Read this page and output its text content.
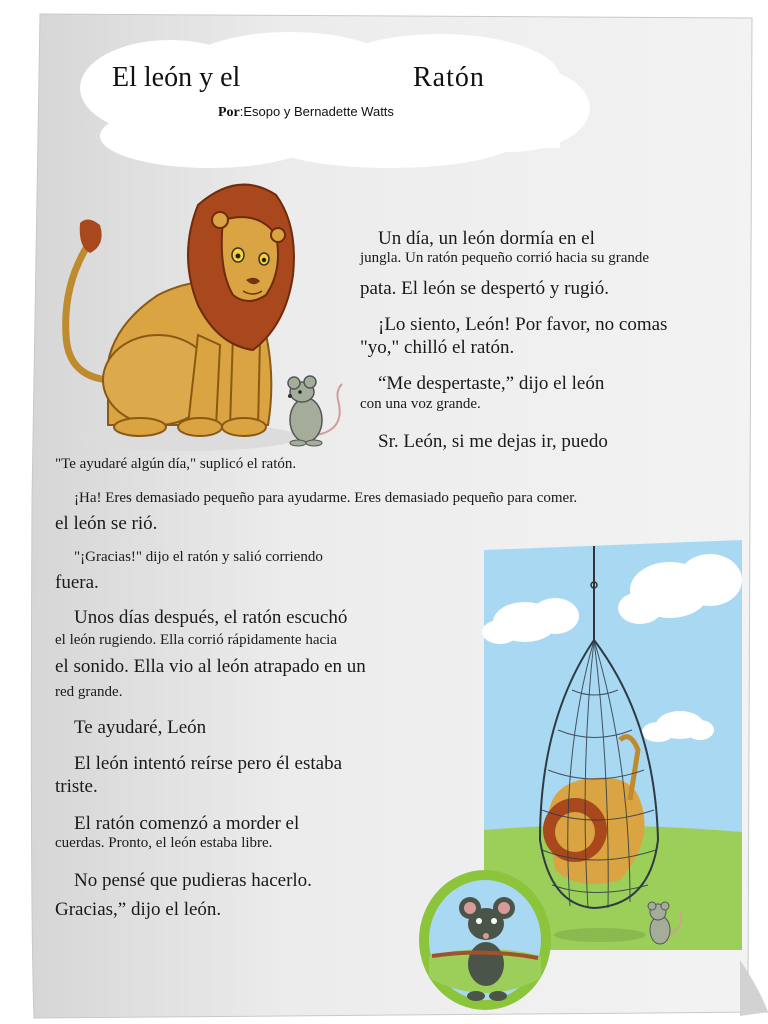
El león y el	Ratón
Por:Esopo y Bernadette Watts

Un día, un león dormía en el

jungla. Un ratón pequeño corrió hacia su grande

pata. El león se despertó y rugió.

¡Lo siento, León! Por favor, no comas

"yo," chilló el ratón.

“Me despertaste,” dijo el león

con una voz grande.

Sr. León, si me dejas ir, puedo

"Te ayudaré algún día," suplicó el ratón.

¡Ha! Eres demasiado pequeño para ayudarme. Eres demasiado pequeño para comer.

el león se rió.

"¡Gracias!" dijo el ratón y salió corriendo

fuera.

Unos días después, el ratón escuchó

el león rugiendo. Ella corrió rápidamente hacia

el sonido. Ella vio al león atrapado en un

red grande.

Te ayudaré, León

El león intentó reírse pero él estaba

triste.

El ratón comenzó a morder el

cuerdas. Pronto, el león estaba libre.

No pensé que pudieras hacerlo.

Gracias,” dijo el león.
